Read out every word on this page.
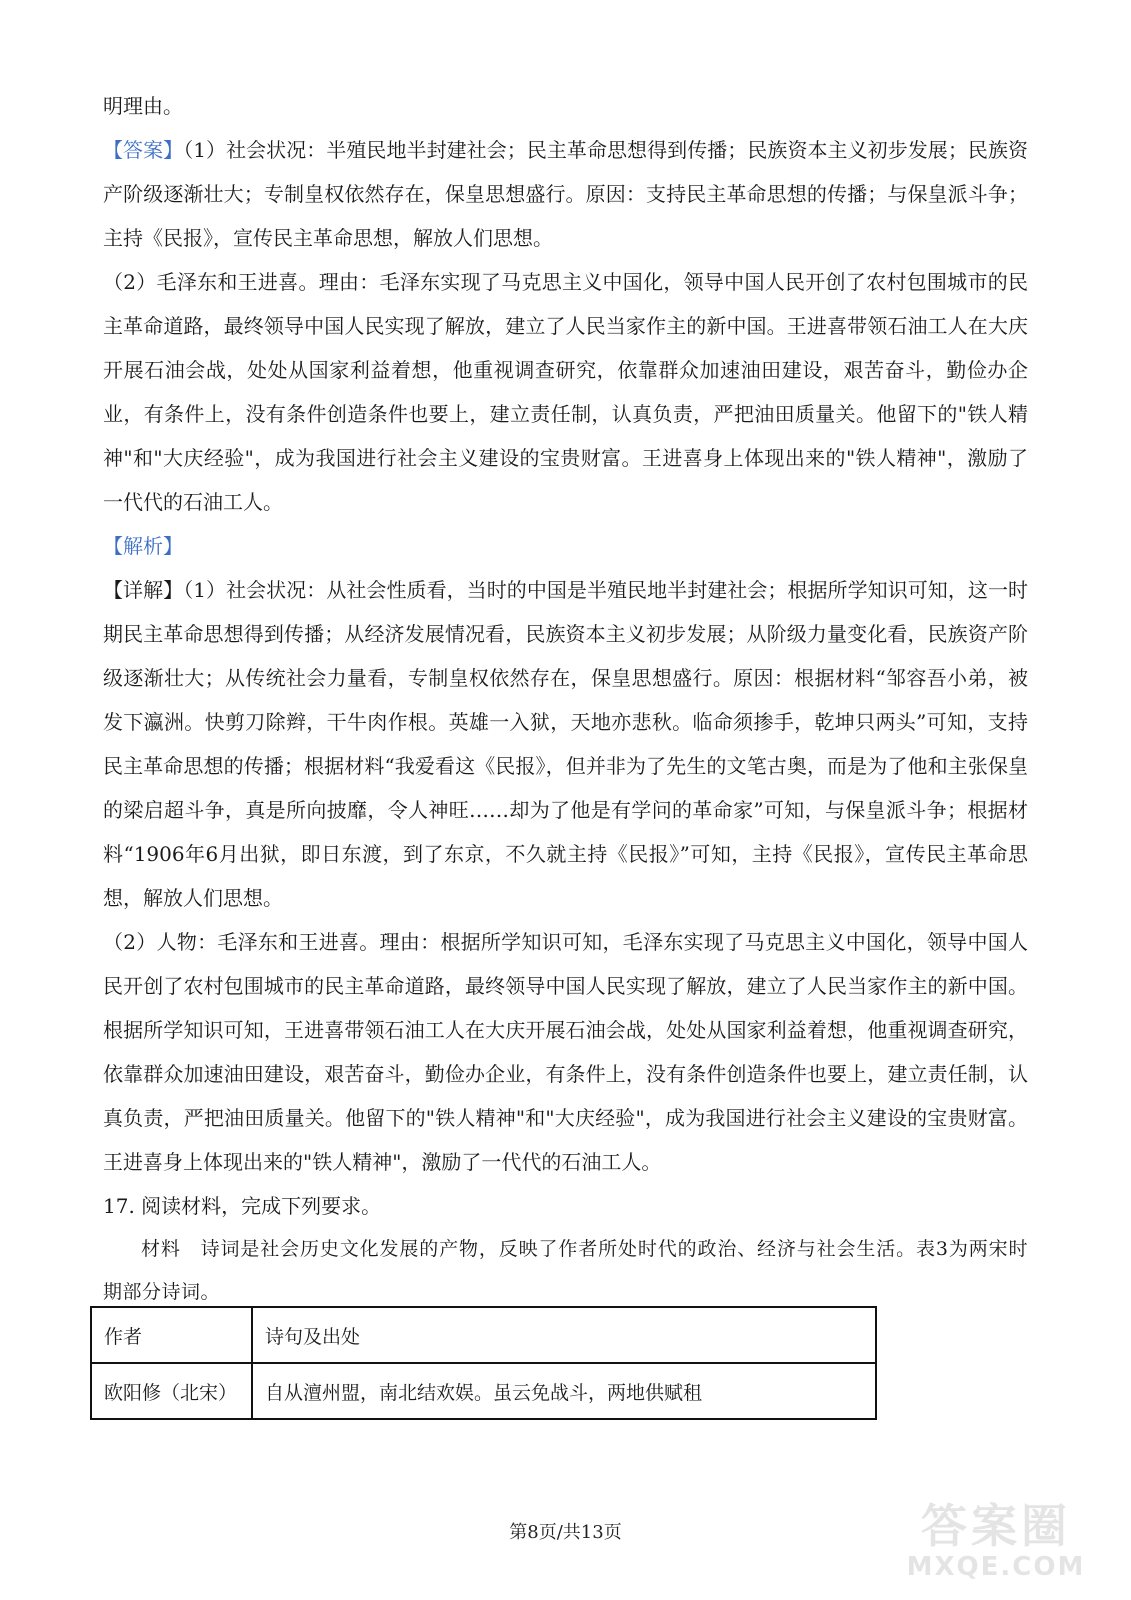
明理由。

【答案】（1）社会状况：半殖民地半封建社会；民主革命思想得到传播；民族资本主义初步发展；民族资产阶级逐渐壮大；专制皇权依然存在，保皇思想盛行。原因：支持民主革命思想的传播；与保皇派斗争；主持《民报》，宣传民主革命思想，解放人们思想。

（2）毛泽东和王进喜。理由：毛泽东实现了马克思主义中国化，领导中国人民开创了农村包围城市的民主革命道路，最终领导中国人民实现了解放，建立了人民当家作主的新中国。王进喜带领石油工人在大庆开展石油会战，处处从国家利益着想，他重视调查研究，依靠群众加速油田建设，艰苦奋斗，勤俭办企业，有条件上，没有条件创造条件也要上，建立责任制，认真负责，严把油田质量关。他留下的"铁人精神"和"大庆经验"，成为我国进行社会主义建设的宝贵财富。王进喜身上体现出来的"铁人精神"，激励了一代代的石油工人。

【解析】

【详解】（1）社会状况：从社会性质看，当时的中国是半殖民地半封建社会；根据所学知识可知，这一时期民主革命思想得到传播；从经济发展情况看，民族资本主义初步发展；从阶级力量变化看，民族资产阶级逐渐壮大；从传统社会力量看，专制皇权依然存在，保皇思想盛行。原因：根据材料“邹容吾小弟，被发下瀛洲。快剪刀除辫，干牛肉作根。英雄一入狱，天地亦悲秋。临命须掺手，乾坤只两头”可知，支持民主革命思想的传播；根据材料“我爱看这《民报》，但并非为了先生的文笔古奥，而是为了他和主张保皇的梁启超斗争，真是所向披靡，令人神旺……却为了他是有学问的革命家”可知，与保皇派斗争；根据材料“1906年6月出狱，即日东渡，到了东京，不久就主持《民报》”可知，主持《民报》，宣传民主革命思想，解放人们思想。

（2）人物：毛泽东和王进喜。理由：根据所学知识可知，毛泽东实现了马克思主义中国化，领导中国人民开创了农村包围城市的民主革命道路，最终领导中国人民实现了解放，建立了人民当家作主的新中国。根据所学知识可知，王进喜带领石油工人在大庆开展石油会战，处处从国家利益着想，他重视调查研究，依靠群众加速油田建设，艰苦奋斗，勤俭办企业，有条件上，没有条件创造条件也要上，建立责任制，认真负责，严把油田质量关。他留下的"铁人精神"和"大庆经验"，成为我国进行社会主义建设的宝贵财富。王进喜身上体现出来的"铁人精神"，激励了一代代的石油工人。

17. 阅读材料，完成下列要求。

材料　诗词是社会历史文化发展的产物，反映了作者所处时代的政治、经济与社会生活。表3为两宋时期部分诗词。

作者	诗句及出处
欧阳修（北宋）	自从澶州盟，南北结欢娱。虽云免战斗，两地供赋租
第8页/共13页	答案圈
MXQE.COM
